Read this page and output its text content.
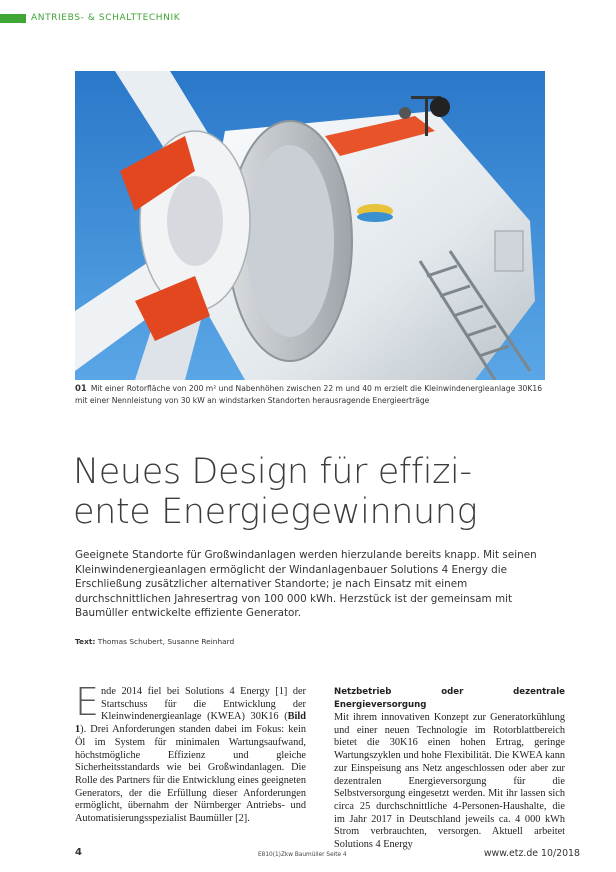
ANTRIEBS- & SCHALTTECHNIK
01 Mit einer Rotorfläche von 200 m² und Nabenhöhen zwischen 22 m und 40 m erzielt die Kleinwindenergieanlage 30K16 mit einer Nennleistung von 30 kW an windstarken Standorten herausragende Energieerträge
Neues Design für effizi-
ente Energiegewinnung

Geeignete Standorte für Großwindanlagen werden hierzulande bereits knapp. Mit seinen Kleinwindenergieanlagen ermöglicht der Windanlagenbauer Solutions 4 Energy die Erschließung zusätzlicher alternativer Standorte; je nach Einsatz mit einem durchschnittlichen Jahresertrag von 100 000 kWh. Herzstück ist der gemeinsam mit Baumüller entwickelte effiziente Generator.

Text: Thomas Schubert, Susanne Reinhard
Ende 2014 fiel bei Solutions 4 Energy [1] der Startschuss für die Entwicklung der Kleinwindenergieanlage (KWEA) 30K16 (Bild 1). Drei Anforderungen standen dabei im Fokus: kein Öl im System für minimalen Wartungsaufwand, höchstmögliche Effizienz und gleiche Sicherheitsstandards wie bei Großwindanlagen. Die Rolle des Partners für die Entwicklung eines geeigneten Generators, der die Erfüllung dieser Anforderungen ermöglicht, übernahm der Nürnberger Antriebs- und Automatisierungsspezialist Baumüller [2].
Netzbetrieb oder dezentrale Energieversorgung
Mit ihrem innovativen Konzept zur Generatorkühlung und einer neuen Technologie im Rotorblattbereich bietet die 30K16 einen hohen Ertrag, geringe Wartungszyklen und hohe Flexibilität. Die KWEA kann zur Einspeisung ans Netz angeschlossen oder aber zur dezentralen Energieversorgung für die Selbstversorgung eingesetzt werden. Mit ihr lassen sich circa 25 durchschnittliche 4-Personen-Haushalte, die im Jahr 2017 in Deutschland jeweils ca. 4 000 kWh Strom verbrauchten, versorgen. Aktuell arbeitet Solutions 4 Energy
4	E810(1)Zkw Baumüller Seite 4	www.etz.de 10/2018
